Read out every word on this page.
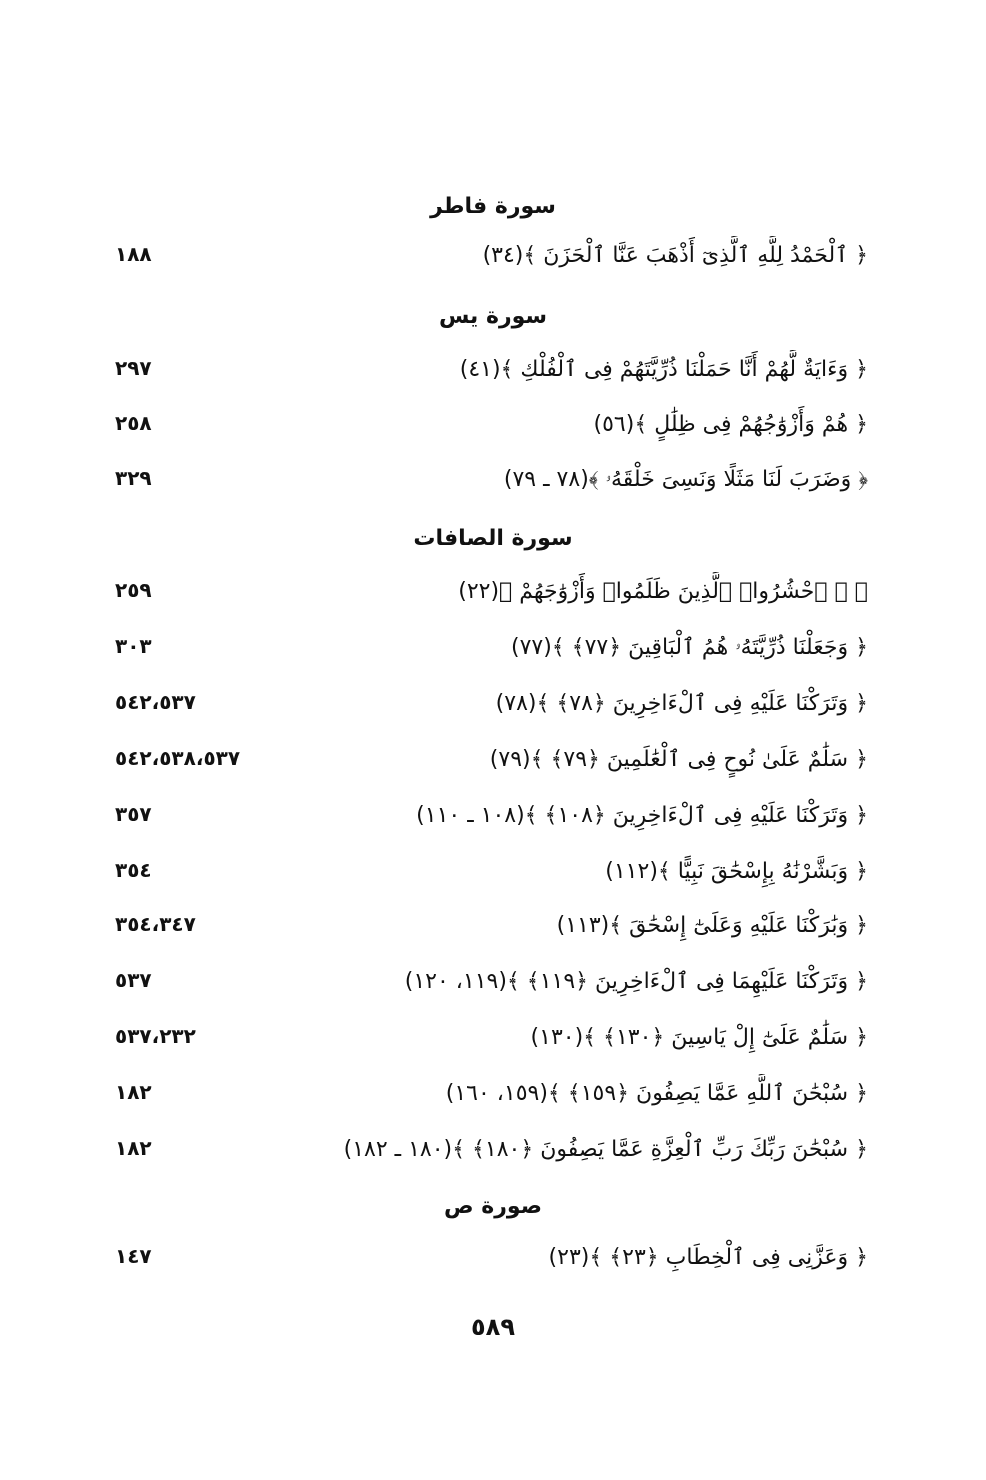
سورة فاطر
﴿ ٱلْحَمْدُ لِلَّهِ ٱلَّذِىٓ أَذْهَبَ عَنَّا ٱلْحَزَنَ ﴾(٣٤)
١٨٨
سورة يس
﴿ وَءَايَةٌ لَّهُمْ أَنَّا حَمَلْنَا ذُرِّيَّتَهُمْ فِى ٱلْفُلْكِ ﴾(٤١)
٢٩٧
﴿ هُمْ وَأَزْوَٰجُهُمْ فِى ظِلَٰلٍ ﴾(٥٦)
٢٥٨
﴿ وَضَرَبَ لَنَا مَثَلًا وَنَسِىَ خَلْقَهُۥ ﴾(٧٨ ـ ٧٩)
٣٢٩
سورة الصافات
﴿ ۞ ٱحْشُرُوا۟ ٱلَّذِينَ ظَلَمُوا۟ وَأَزْوَٰجَهُمْ ﴾(٢٢)
٢٥٩
﴿ وَجَعَلْنَا ذُرِّيَّتَهُۥ هُمُ ٱلْبَاقِينَ ﴿٧٧﴾ ﴾(٧٧)
٣٠٣
﴿ وَتَرَكْنَا عَلَيْهِ فِى ٱلْءَاخِرِينَ ﴿٧٨﴾ ﴾(٧٨)
٥٤٢،٥٣٧
﴿ سَلَٰمٌ عَلَىٰ نُوحٍ فِى ٱلْعَٰلَمِينَ ﴿٧٩﴾ ﴾(٧٩)
٥٤٢،٥٣٨،٥٣٧
﴿ وَتَرَكْنَا عَلَيْهِ فِى ٱلْءَاخِرِينَ ﴿١٠٨﴾ ﴾(١٠٨ ـ ١١٠)
٣٥٧
﴿ وَبَشَّرْنَٰهُ بِإِسْحَٰقَ نَبِيًّا ﴾(١١٢)
٣٥٤
﴿ وَبَٰرَكْنَا عَلَيْهِ وَعَلَىٰٓ إِسْحَٰقَ ﴾(١١٣)
٣٥٤،٣٤٧
﴿ وَتَرَكْنَا عَلَيْهِمَا فِى ٱلْءَاخِرِينَ ﴿١١٩﴾ ﴾(١١٩، ١٢٠)
٥٣٧
﴿ سَلَٰمٌ عَلَىٰٓ إِلْ يَاسِينَ ﴿١٣٠﴾ ﴾(١٣٠)
٥٣٧،٢٣٢
﴿ سُبْحَٰنَ ٱللَّهِ عَمَّا يَصِفُونَ ﴿١٥٩﴾ ﴾(١٥٩، ١٦٠)
١٨٢
﴿ سُبْحَٰنَ رَبِّكَ رَبِّ ٱلْعِزَّةِ عَمَّا يَصِفُونَ ﴿١٨٠﴾ ﴾(١٨٠ ـ ١٨٢)
١٨٢
صورة ص
﴿ وَعَزَّنِى فِى ٱلْخِطَابِ ﴿٢٣﴾ ﴾(٢٣)
١٤٧
٥٨٩
